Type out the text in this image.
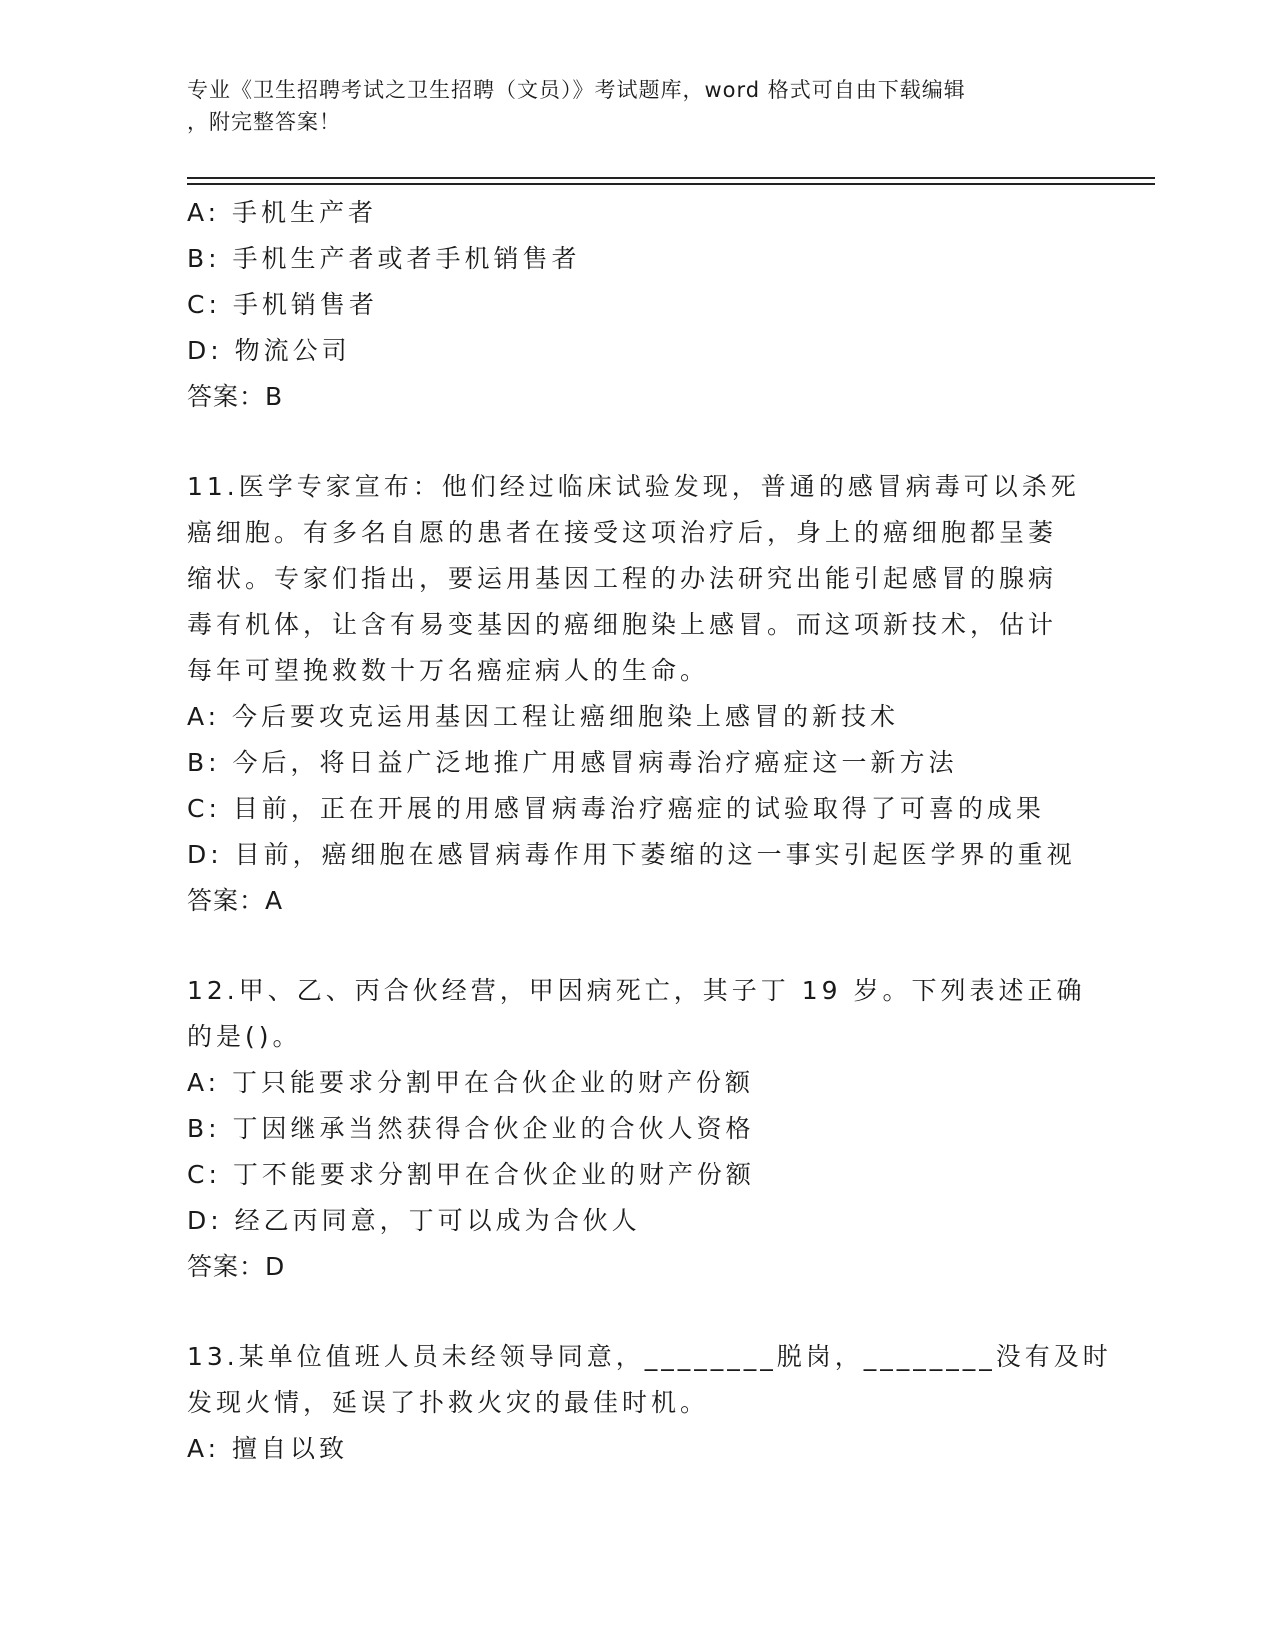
专业《卫生招聘考试之卫生招聘（文员）》考试题库，word 格式可自由下载编辑
，附完整答案！
A: 手机生产者
B: 手机生产者或者手机销售者
C: 手机销售者
D: 物流公司
答案：B
11.医学专家宣布：他们经过临床试验发现，普通的感冒病毒可以杀死
癌细胞。有多名自愿的患者在接受这项治疗后，身上的癌细胞都呈萎
缩状。专家们指出，要运用基因工程的办法研究出能引起感冒的腺病
毒有机体，让含有易变基因的癌细胞染上感冒。而这项新技术，估计
每年可望挽救数十万名癌症病人的生命。
A: 今后要攻克运用基因工程让癌细胞染上感冒的新技术
B: 今后，将日益广泛地推广用感冒病毒治疗癌症这一新方法
C: 目前，正在开展的用感冒病毒治疗癌症的试验取得了可喜的成果
D: 目前，癌细胞在感冒病毒作用下萎缩的这一事实引起医学界的重视
答案：A
12.甲、乙、丙合伙经营，甲因病死亡，其子丁 19 岁。下列表述正确
的是()。
A: 丁只能要求分割甲在合伙企业的财产份额
B: 丁因继承当然获得合伙企业的合伙人资格
C: 丁不能要求分割甲在合伙企业的财产份额
D: 经乙丙同意，丁可以成为合伙人
答案：D
13.某单位值班人员未经领导同意，________脱岗，________没有及时
发现火情，延误了扑救火灾的最佳时机。
A: 擅自以致
